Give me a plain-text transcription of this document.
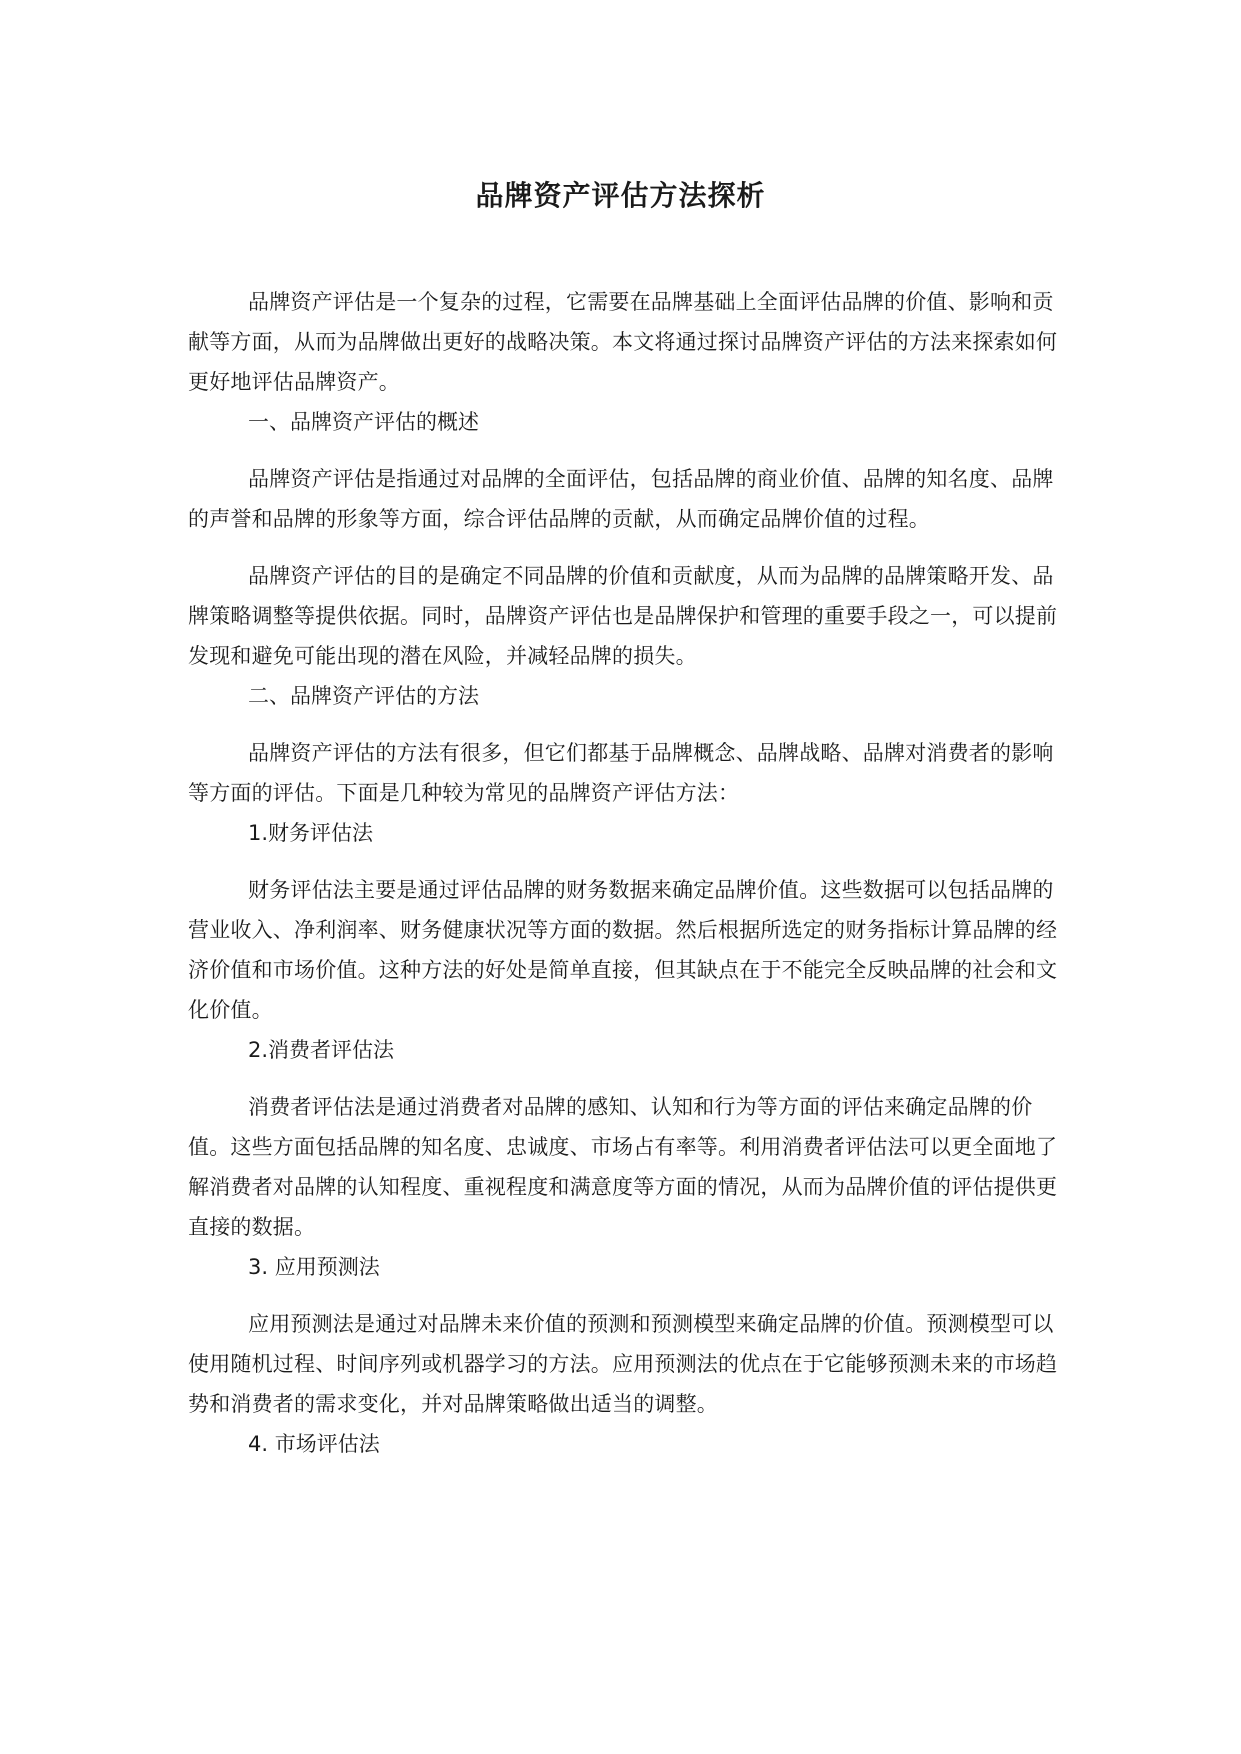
品牌资产评估方法探析

品牌资产评估是一个复杂的过程，它需要在品牌基础上全面评估品牌的价值、影响和贡献等方面，从而为品牌做出更好的战略决策。本文将通过探讨品牌资产评估的方法来探索如何更好地评估品牌资产。

一、品牌资产评估的概述

品牌资产评估是指通过对品牌的全面评估，包括品牌的商业价值、品牌的知名度、品牌的声誉和品牌的形象等方面，综合评估品牌的贡献，从而确定品牌价值的过程。

品牌资产评估的目的是确定不同品牌的价值和贡献度，从而为品牌的品牌策略开发、品牌策略调整等提供依据。同时，品牌资产评估也是品牌保护和管理的重要手段之一，可以提前发现和避免可能出现的潜在风险，并减轻品牌的损失。

二、品牌资产评估的方法

品牌资产评估的方法有很多，但它们都基于品牌概念、品牌战略、品牌对消费者的影响等方面的评估。下面是几种较为常见的品牌资产评估方法：

1.财务评估法

财务评估法主要是通过评估品牌的财务数据来确定品牌价值。这些数据可以包括品牌的营业收入、净利润率、财务健康状况等方面的数据。然后根据所选定的财务指标计算品牌的经济价值和市场价值。这种方法的好处是简单直接，但其缺点在于不能完全反映品牌的社会和文化价值。

2.消费者评估法

消费者评估法是通过消费者对品牌的感知、认知和行为等方面的评估来确定品牌的价值。这些方面包括品牌的知名度、忠诚度、市场占有率等。利用消费者评估法可以更全面地了解消费者对品牌的认知程度、重视程度和满意度等方面的情况，从而为品牌价值的评估提供更直接的数据。

3. 应用预测法

应用预测法是通过对品牌未来价值的预测和预测模型来确定品牌的价值。预测模型可以使用随机过程、时间序列或机器学习的方法。应用预测法的优点在于它能够预测未来的市场趋势和消费者的需求变化，并对品牌策略做出适当的调整。

4. 市场评估法
